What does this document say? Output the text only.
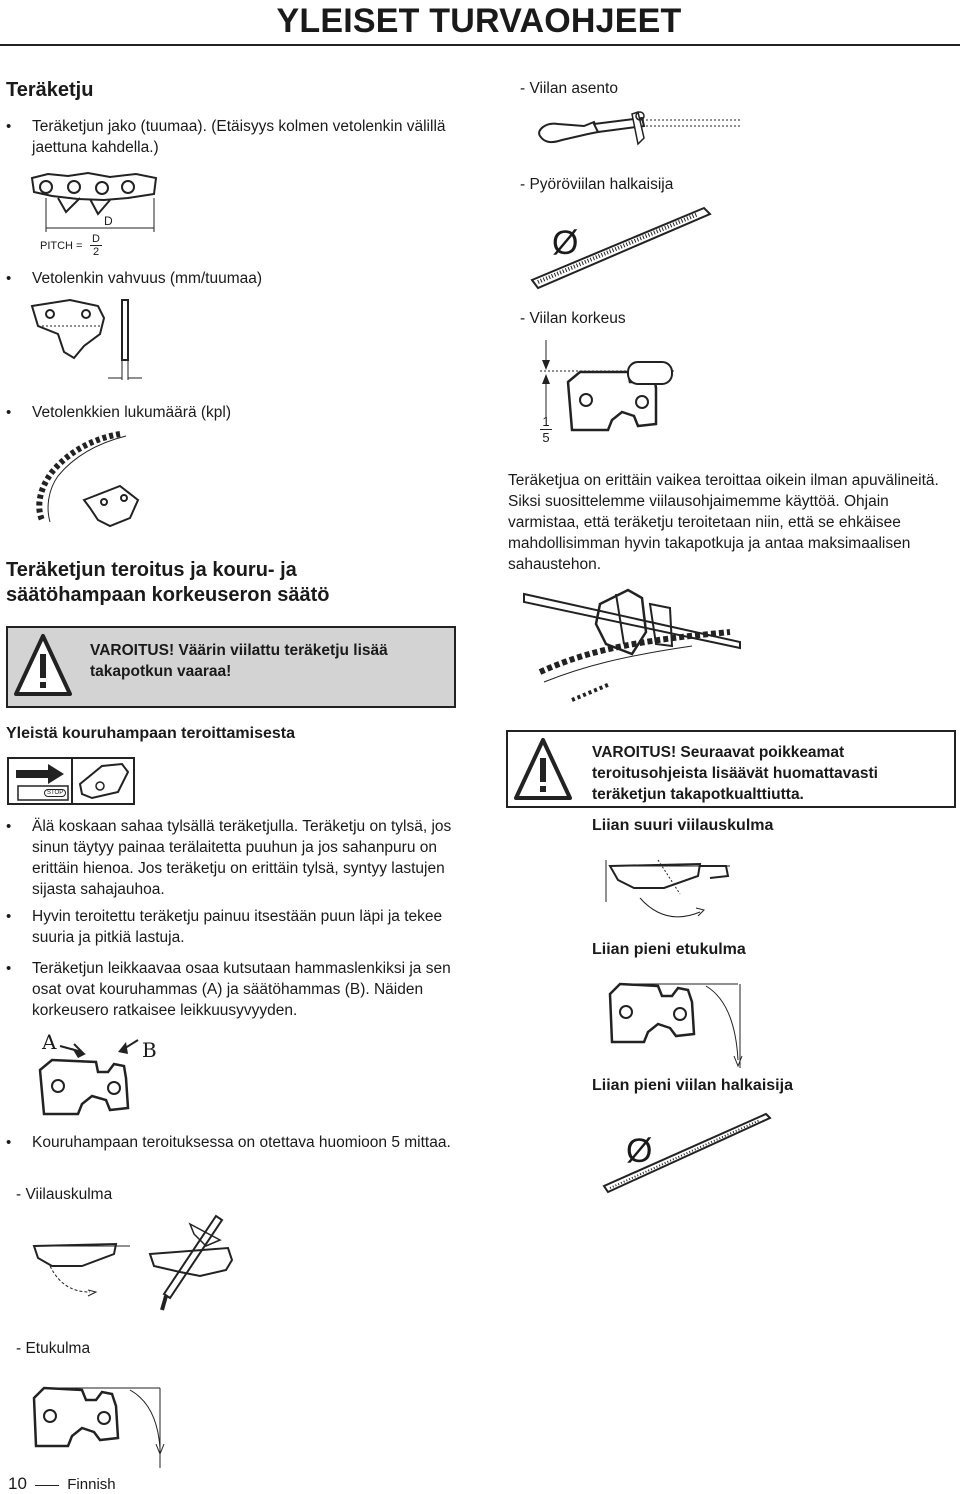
YLEISET TURVAOHJEET
Teräketju
• Teräketjun jako (tuumaa). (Etäisyys kolmen vetolenkin välillä jaettuna kahdella.)
D
PITCH = $\frac{D}{2}$
• Vetolenkin vahvuus (mm/tuumaa)
• Vetolenkkien lukumäärä (kpl)
Teräketjun teroitus ja kouru- ja
säätöhampaan korkeuseron säätö
VAROITUS! Väärin viilattu teräketju lisää takapotkun vaaraa!
Yleistä kouruhampaan teroittamisesta
STOP
• Älä koskaan sahaa tylsällä teräketjulla. Teräketju on tylsä, jos sinun täytyy painaa terälaitetta puuhun ja jos sahanpuru on erittäin hienoa. Jos teräketju on erittäin tylsä, syntyy lastujen sijasta sahajauhoa.
• Hyvin teroitettu teräketju painuu itsestään puun läpi ja tekee suuria ja pitkiä lastuja.
• Teräketjun leikkaavaa osaa kutsutaan hammaslenkiksi ja sen osat ovat kouruhammas (A) ja säätöhammas (B). Näiden korkeusero ratkaisee leikkuusyvyyden.
A	B
• Kouruhampaan teroituksessa on otettava huomioon 5 mittaa.
- Viilauskulma
- Etukulma
- Viilan asento
- Pyöröviilan halkaisija
Ø
- Viilan korkeus
$\frac{1}{5}$
Teräketjua on erittäin vaikea teroittaa oikein ilman apuvälineitä. Siksi suosittelemme viilausohjaimemme käyttöä. Ohjain varmistaa, että teräketju teroitetaan niin, että se ehkäisee mahdollisimman hyvin takapotkuja ja antaa maksimaalisen sahaustehon.
VAROITUS! Seuraavat poikkeamat teroitusohjeista lisäävät huomattavasti teräketjun takapotkualttiutta.
Liian suuri viilauskulma
Liian pieni etukulma
Liian pieni viilan halkaisija
Ø
10	Finnish
